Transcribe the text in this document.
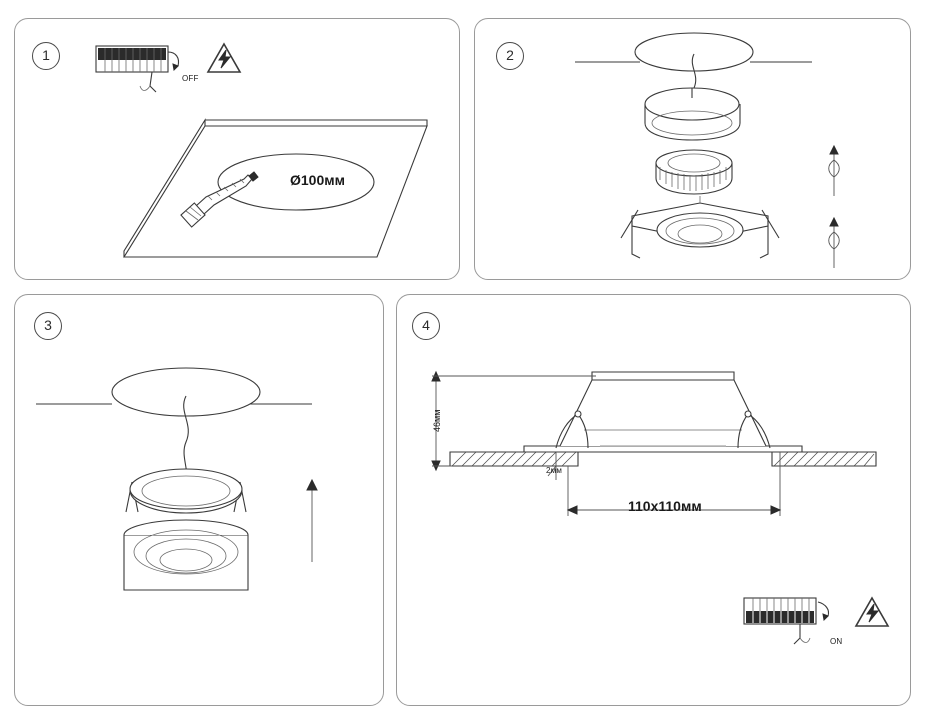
1
OFF
Ø100мм
2
3	4
46мм
2мм
110x110мм
ON
